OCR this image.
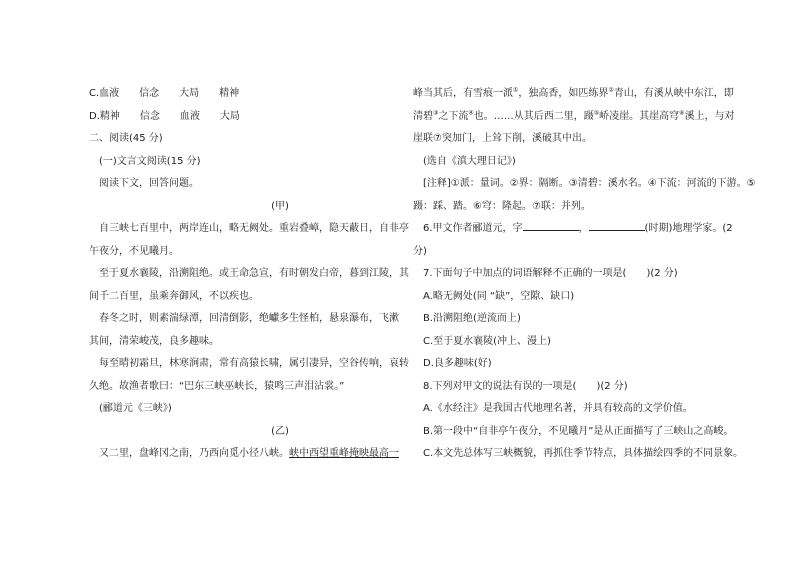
C.血液 信念 大局 精神
D.精神 信念 血液 大局
二、阅读(45 分)
(一)文言文阅读(15 分)
阅读下文，回答问题。
(甲)
自三峡七百里中，两岸连山，略无阙处。重岩叠嶂，隐天蔽日，自非亭
午夜分，不见曦月。
至于夏水襄陵，沿溯阻绝。或王命急宣，有时朝发白帝，暮到江陵，其
间千二百里，虽乘奔御风，不以疾也。
春冬之时，则素湍绿潭，回清倒影，绝巘多生怪柏，悬泉瀑布，飞漱
其间，清荣峻茂，良多趣味。
每至晴初霜旦，林寒涧肃，常有高猿长啸，属引凄异，空谷传响，哀转
久绝。故渔者歌曰：“巴东三峡巫峡长，猿鸣三声泪沾裳。”
(郦道元《三峡》)
(乙)
又二里，盘峰冈之南，乃西向觅小径八峡。峡中西望重峰掩映最高一
峰当其后，有雪痕一派①，独高香，如匹练界②青山，有溪从峡中东江，即
清碧③之下流④也。……从其后西二里，蹑⑤峤凌崖。其崖高穹⑥溪上，与对
崖联⑦突加门，上耸下削，溪破其中出。
(选自《滇大理日记》)
[注释]①派：量词。②界：隔断。③清碧：溪水名。④下流：河流的下游。⑤
蹑：踩、踏。⑥穹：隆起。⑦联：并列。
6.甲文作者郦道元，字	，	(时期)地理学家。(2
分)
7.下面句子中加点的词语解释不正确的一项是(　　)(2 分)
A.略无阙处(同 “缺”，空隙、缺口)
B.沿溯阻绝(逆流而上)
C.至于夏水襄陵(冲上、漫上)
D.良多趣味(好)
8.下列对甲文的说法有误的一项是(　　)(2 分)
A.《水经注》是我国古代地理名著，并具有较高的文学价值。
B.第一段中“自非亭午夜分，不见曦月”是从正面描写了三峡山之高峻。
C.本文先总体写三峡概貌，再抓住季节特点，具体描绘四季的不同景象。
